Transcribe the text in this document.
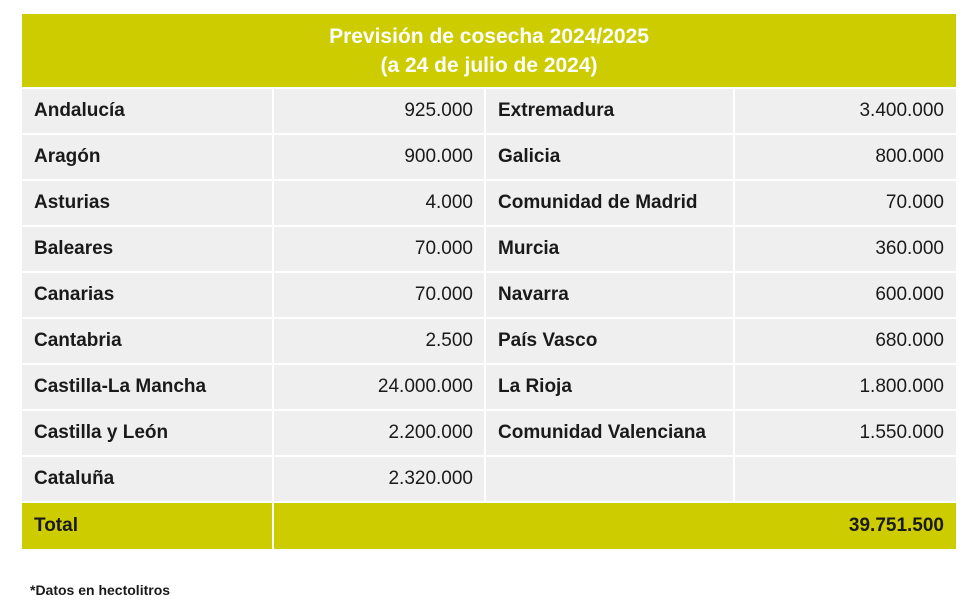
Previsión de cosecha 2024/2025
(a 24 de julio de 2024)
Andalucía	925.000	Extremadura	3.400.000
Aragón	900.000	Galicia	800.000
Asturias	4.000	Comunidad de Madrid	70.000
Baleares	70.000	Murcia	360.000
Canarias	70.000	Navarra	600.000
Cantabria	2.500	País Vasco	680.000
Castilla-La Mancha	24.000.000	La Rioja	1.800.000
Castilla y León	2.200.000	Comunidad Valenciana	1.550.000
Cataluña	2.320.000
Total	39.751.500
*Datos en hectolitros
